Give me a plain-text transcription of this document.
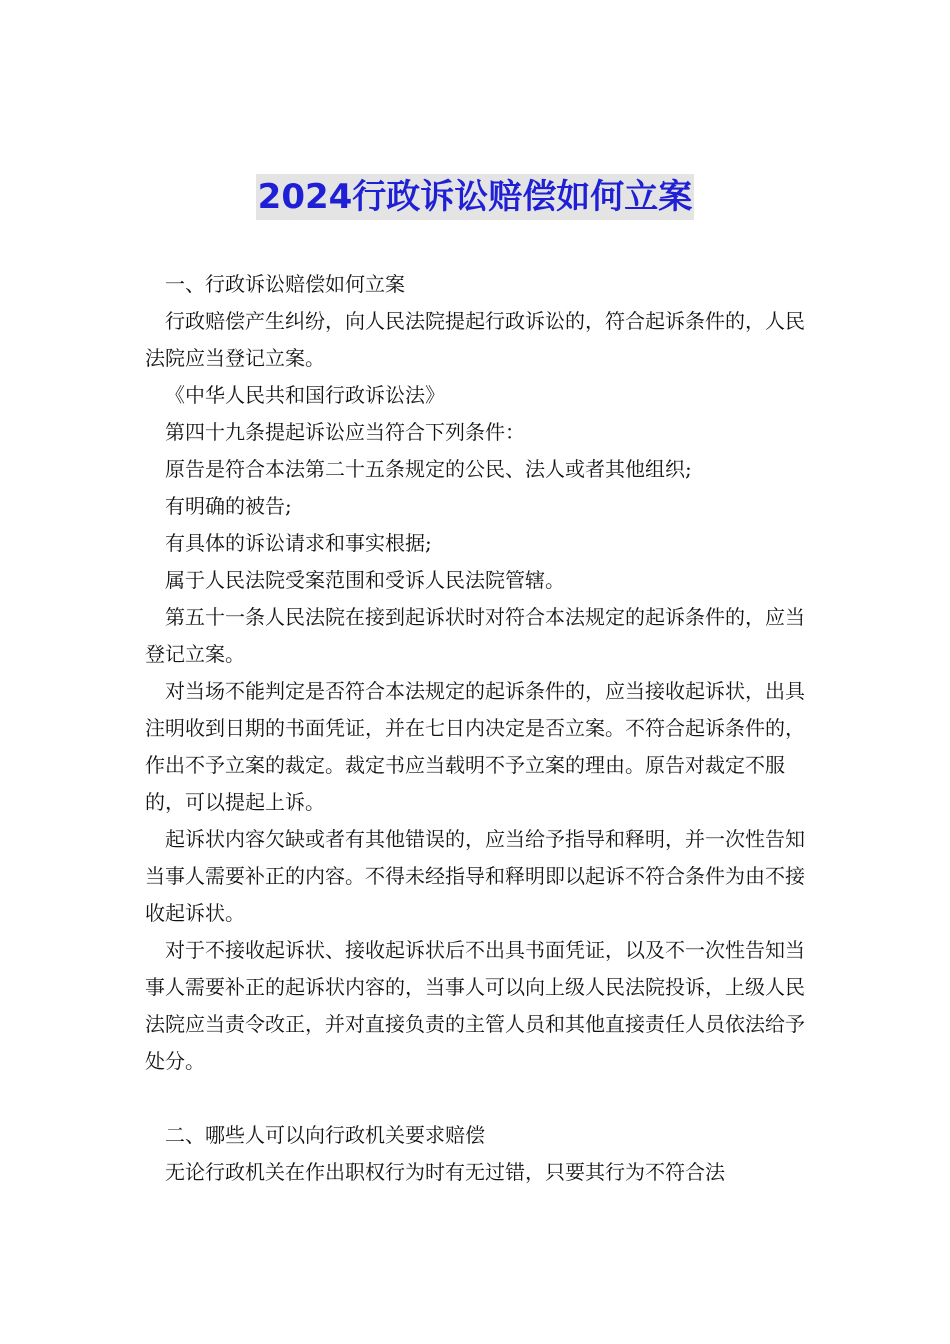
2024行政诉讼赔偿如何立案

一、行政诉讼赔偿如何立案

行政赔偿产生纠纷，向人民法院提起行政诉讼的，符合起诉条件的，人民法院应当登记立案。

《中华人民共和国行政诉讼法》

第四十九条提起诉讼应当符合下列条件：

原告是符合本法第二十五条规定的公民、法人或者其他组织;

有明确的被告;

有具体的诉讼请求和事实根据;

属于人民法院受案范围和受诉人民法院管辖。

第五十一条人民法院在接到起诉状时对符合本法规定的起诉条件的，应当登记立案。

对当场不能判定是否符合本法规定的起诉条件的，应当接收起诉状，出具注明收到日期的书面凭证，并在七日内决定是否立案。不符合起诉条件的，作出不予立案的裁定。裁定书应当载明不予立案的理由。原告对裁定不服的，可以提起上诉。

起诉状内容欠缺或者有其他错误的，应当给予指导和释明，并一次性告知当事人需要补正的内容。不得未经指导和释明即以起诉不符合条件为由不接收起诉状。

对于不接收起诉状、接收起诉状后不出具书面凭证，以及不一次性告知当事人需要补正的起诉状内容的，当事人可以向上级人民法院投诉，上级人民法院应当责令改正，并对直接负责的主管人员和其他直接责任人员依法给予处分。

二、哪些人可以向行政机关要求赔偿

无论行政机关在作出职权行为时有无过错，只要其行为不符合法
